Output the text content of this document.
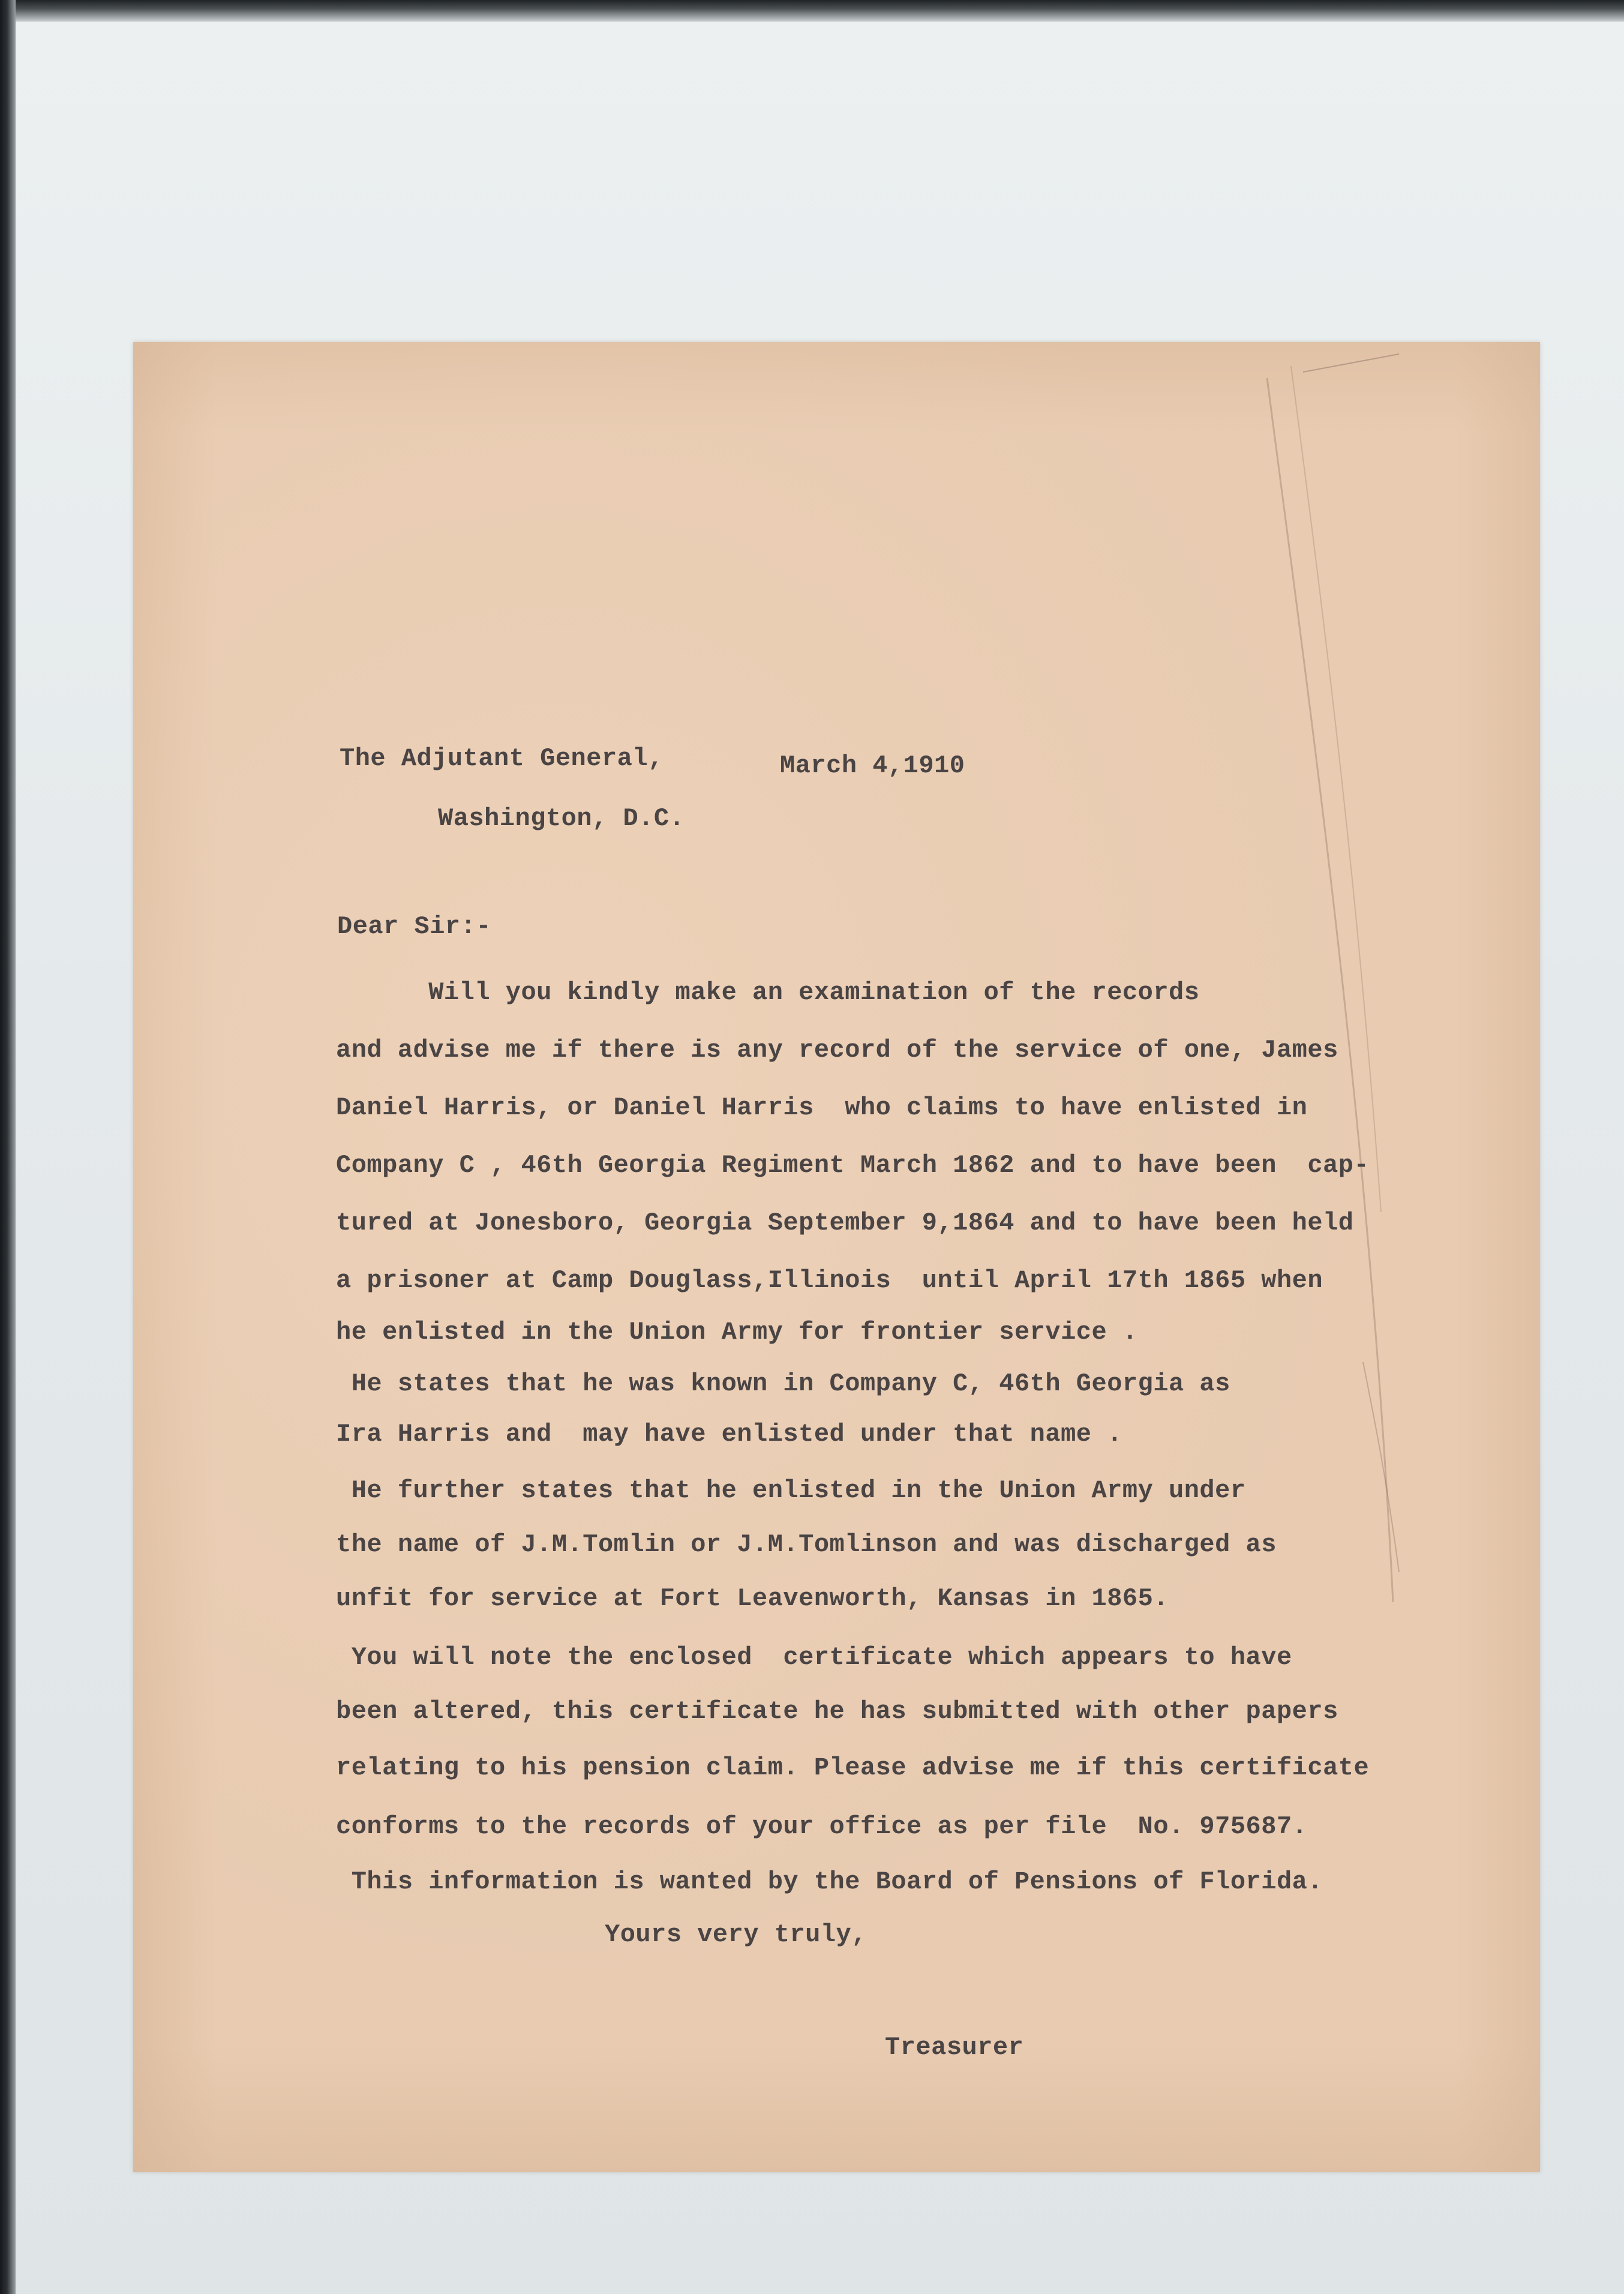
The Adjutant General,	March 4,1910
Washington, D.C.
Dear Sir:-
Will you kindly make an examination of the records
and advise me if there is any record of the service of one, James
Daniel Harris, or Daniel Harris  who claims to have enlisted in
Company C , 46th Georgia Regiment March 1862 and to have been  cap-
tured at Jonesboro, Georgia September 9,1864 and to have been held
a prisoner at Camp Douglass,Illinois  until April 17th 1865 when
he enlisted in the Union Army for frontier service .
He states that he was known in Company C, 46th Georgia as
Ira Harris and  may have enlisted under that name .
He further states that he enlisted in the Union Army under
the name of J.M.Tomlin or J.M.Tomlinson and was discharged as
unfit for service at Fort Leavenworth, Kansas in 1865.
You will note the enclosed  certificate which appears to have
been altered, this certificate he has submitted with other papers
relating to his pension claim. Please advise me if this certificate
conforms to the records of your office as per file  No. 975687.
This information is wanted by the Board of Pensions of Florida.
Yours very truly,
Treasurer
